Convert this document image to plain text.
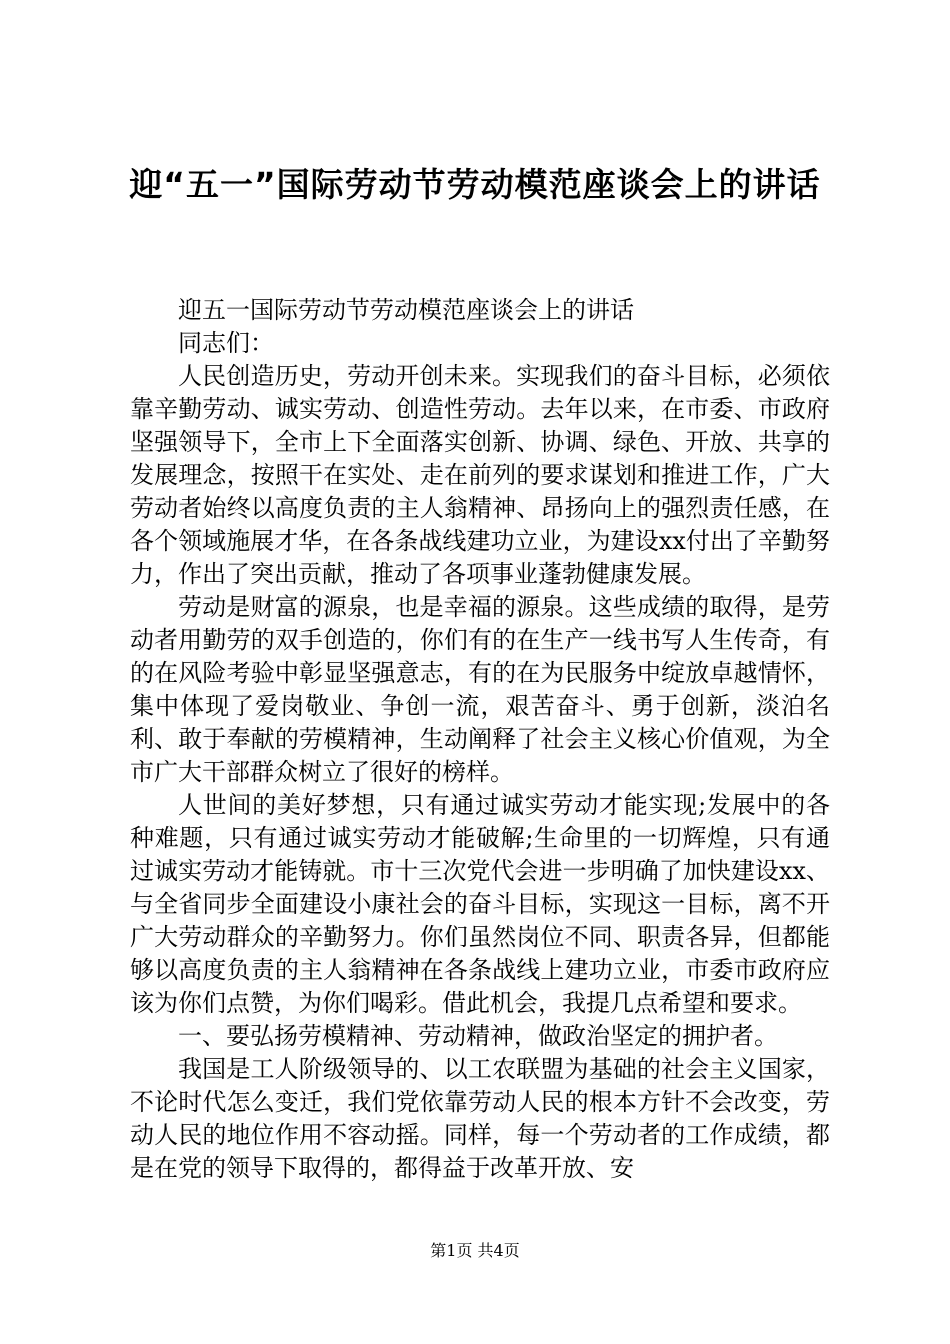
迎“五一”国际劳动节劳动模范座谈会上的讲话

迎五一国际劳动节劳动模范座谈会上的讲话

同志们：

人民创造历史，劳动开创未来。实现我们的奋斗目标，必须依靠辛勤劳动、诚实劳动、创造性劳动。去年以来，在市委、市政府坚强领导下，全市上下全面落实创新、协调、绿色、开放、共享的发展理念，按照干在实处、走在前列的要求谋划和推进工作，广大劳动者始终以高度负责的主人翁精神、昂扬向上的强烈责任感，在各个领域施展才华，在各条战线建功立业，为建设xx付出了辛勤努力，作出了突出贡献，推动了各项事业蓬勃健康发展。

劳动是财富的源泉，也是幸福的源泉。这些成绩的取得，是劳动者用勤劳的双手创造的，你们有的在生产一线书写人生传奇，有的在风险考验中彰显坚强意志，有的在为民服务中绽放卓越情怀，集中体现了爱岗敬业、争创一流，艰苦奋斗、勇于创新，淡泊名利、敢于奉献的劳模精神，生动阐释了社会主义核心价值观，为全市广大干部群众树立了很好的榜样。

人世间的美好梦想，只有通过诚实劳动才能实现;发展中的各种难题，只有通过诚实劳动才能破解;生命里的一切辉煌，只有通过诚实劳动才能铸就。市十三次党代会进一步明确了加快建设xx、与全省同步全面建设小康社会的奋斗目标，实现这一目标，离不开广大劳动群众的辛勤努力。你们虽然岗位不同、职责各异，但都能够以高度负责的主人翁精神在各条战线上建功立业，市委市政府应该为你们点赞，为你们喝彩。借此机会，我提几点希望和要求。

一、要弘扬劳模精神、劳动精神，做政治坚定的拥护者。

我国是工人阶级领导的、以工农联盟为基础的社会主义国家，不论时代怎么变迁，我们党依靠劳动人民的根本方针不会改变，劳动人民的地位作用不容动摇。同样，每一个劳动者的工作成绩，都是在党的领导下取得的，都得益于改革开放、安

第1页 共4页
